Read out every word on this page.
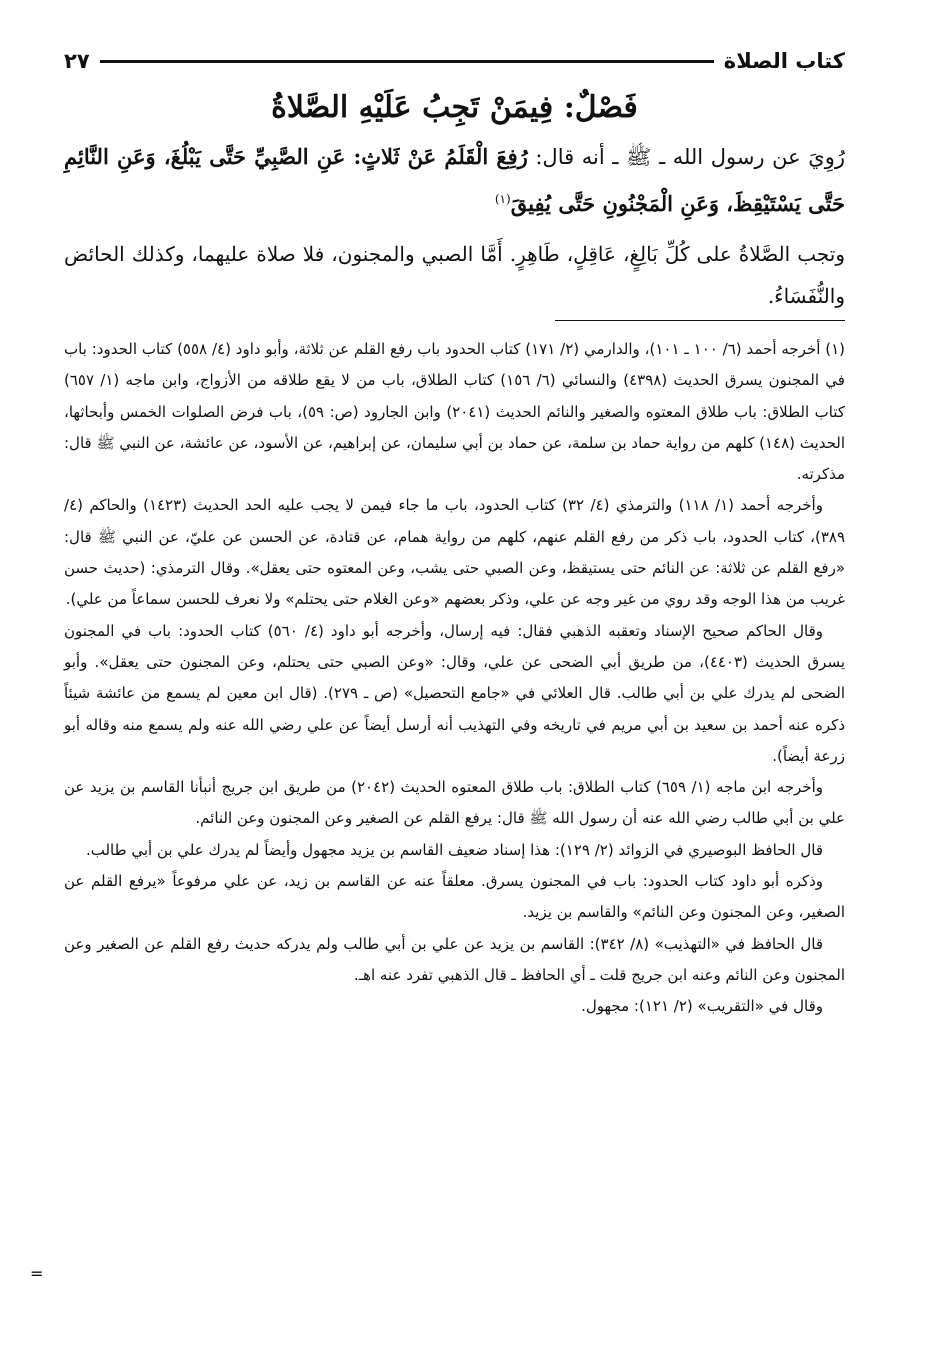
كتاب الصلاة
٢٧
فَصْلٌ: فِيمَنْ تَجِبُ عَلَيْهِ الصَّلاةُ

رُوِيَ عن رسول الله ـ ﷺ ـ أنه قال: رُفِعَ الْقَلَمُ عَنْ ثَلاثٍ: عَنِ الصَّبِيِّ حَتَّى يَبْلُغَ، وَعَنِ النَّائِمِ حَتَّى يَسْتَيْقِظَ، وَعَنِ الْمَجْنُونِ حَتَّى يُفِيقَ$^{(١)}$

وتجب الصَّلاةُ على كُلِّ بَالِغٍ، عَاقِلٍ، طَاهِرٍ. أَمَّا الصبي والمجنون، فلا صلاة عليهما، وكذلك الحائض والنُّفَسَاءُ.

(١) أخرجه أحمد (٦/ ١٠٠ ـ ١٠١)، والدارمي (٢/ ١٧١) كتاب الحدود باب رفع القلم عن ثلاثة، وأبو داود (٤/ ٥٥٨) كتاب الحدود: باب في المجنون يسرق الحديث (٤٣٩٨) والنسائي (٦/ ١٥٦) كتاب الطلاق، باب من لا يقع طلاقه من الأزواج، وابن ماجه (١/ ٦٥٧) كتاب الطلاق: باب طلاق المعتوه والصغير والنائم الحديث (٢٠٤١) وابن الجارود (ص: ٥٩)، باب فرض الصلوات الخمس وأبحاثها، الحديث (١٤٨) كلهم من رواية حماد بن سلمة، عن حماد بن أبي سليمان، عن إبراهيم، عن الأسود، عن عائشة، عن النبي ﷺ قال: مذكرته.

وأخرجه أحمد (١/ ١١٨) والترمذي (٤/ ٣٢) كتاب الحدود، باب ما جاء فيمن لا يجب عليه الحد الحديث (١٤٢٣) والحاكم (٤/ ٣٨٩)، كتاب الحدود، باب ذكر من رفع القلم عنهم، كلهم من رواية همام، عن قتادة، عن الحسن عن عليّ، عن النبي ﷺ قال: «رفع القلم عن ثلاثة: عن النائم حتى يستيقظ، وعن الصبي حتى يشب، وعن المعتوه حتى يعقل». وقال الترمذي: (حديث حسن غريب من هذا الوجه وقد روي من غير وجه عن علي، وذكر بعضهم «وعن الغلام حتى يحتلم» ولا نعرف للحسن سماعاً من علي).

وقال الحاكم صحيح الإسناد وتعقبه الذهبي فقال: فيه إرسال، وأخرجه أبو داود (٤/ ٥٦٠) كتاب الحدود: باب في المجنون يسرق الحديث (٤٤٠٣)، من طريق أبي الضحى عن علي، وقال: «وعن الصبي حتى يحتلم، وعن المجنون حتى يعقل». وأبو الضحى لم يدرك علي بن أبي طالب. قال العلائي في «جامع التحصيل» (ص ـ ٢٧٩). (قال ابن معين لم يسمع من عائشة شيئاً ذكره عنه أحمد بن سعيد بن أبي مريم في تاريخه وفي التهذيب أنه أرسل أيضاً عن علي رضي الله عنه ولم يسمع منه وقاله أبو زرعة أيضاً).

وأخرجه ابن ماجه (١/ ٦٥٩) كتاب الطلاق: باب طلاق المعتوه الحديث (٢٠٤٢) من طريق ابن جريج أنبأنا القاسم بن يزيد عن علي بن أبي طالب رضي الله عنه أن رسول الله ﷺ قال: يرفع القلم عن الصغير وعن المجنون وعن النائم.

قال الحافظ البوصيري في الزوائد (٢/ ١٢٩): هذا إسناد ضعيف القاسم بن يزيد مجهول وأيضاً لم يدرك علي بن أبي طالب.

وذكره أبو داود كتاب الحدود: باب في المجنون يسرق. معلقاً عنه عن القاسم بن زيد، عن علي مرفوعاً «يرفع القلم عن الصغير، وعن المجنون وعن النائم» والقاسم بن يزيد.

قال الحافظ في «التهذيب» (٨/ ٣٤٢): القاسم بن يزيد عن علي بن أبي طالب ولم يدركه حديث رفع القلم عن الصغير وعن المجنون وعن النائم وعنه ابن جريج قلت ـ أي الحافظ ـ قال الذهبي تفرد عنه اهـ.

وقال في «التقريب» (٢/ ١٢١): مجهول.

=
